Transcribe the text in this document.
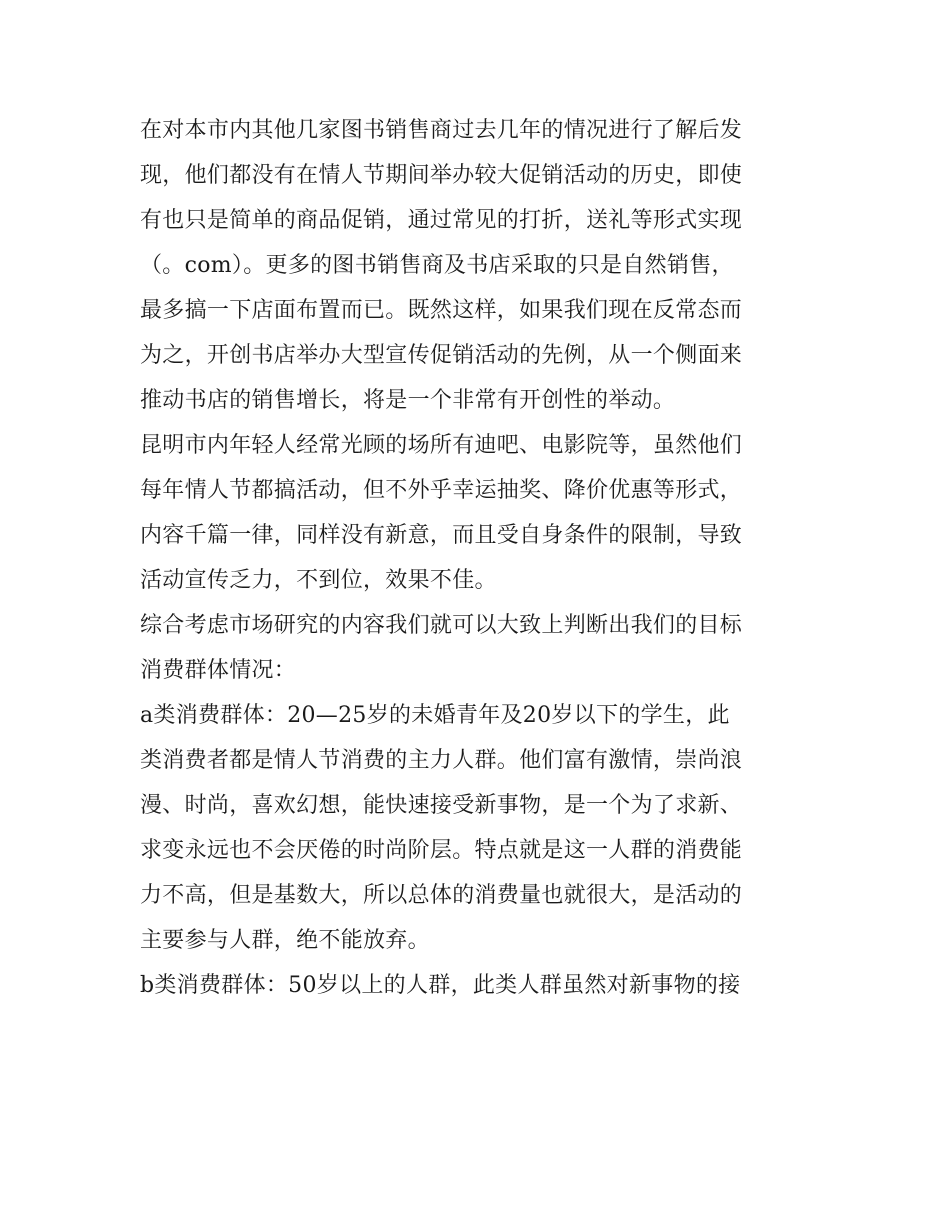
在对本市内其他几家图书销售商过去几年的情况进行了解后发
现，他们都没有在情人节期间举办较大促销活动的历史，即使
有也只是简单的商品促销，通过常见的打折，送礼等形式实现
（。com）。更多的图书销售商及书店采取的只是自然销售，
最多搞一下店面布置而已。既然这样，如果我们现在反常态而
为之，开创书店举办大型宣传促销活动的先例，从一个侧面来
推动书店的销售增长，将是一个非常有开创性的举动。

昆明市内年轻人经常光顾的场所有迪吧、电影院等，虽然他们
每年情人节都搞活动，但不外乎幸运抽奖、降价优惠等形式，
内容千篇一律，同样没有新意，而且受自身条件的限制，导致
活动宣传乏力，不到位，效果不佳。

综合考虑市场研究的内容我们就可以大致上判断出我们的目标
消费群体情况：

a类消费群体：20—25岁的未婚青年及20岁以下的学生，此
类消费者都是情人节消费的主力人群。他们富有激情，崇尚浪
漫、时尚，喜欢幻想，能快速接受新事物，是一个为了求新、
求变永远也不会厌倦的时尚阶层。特点就是这一人群的消费能
力不高，但是基数大，所以总体的消费量也就很大，是活动的
主要参与人群，绝不能放弃。

b类消费群体：50岁以上的人群，此类人群虽然对新事物的接
